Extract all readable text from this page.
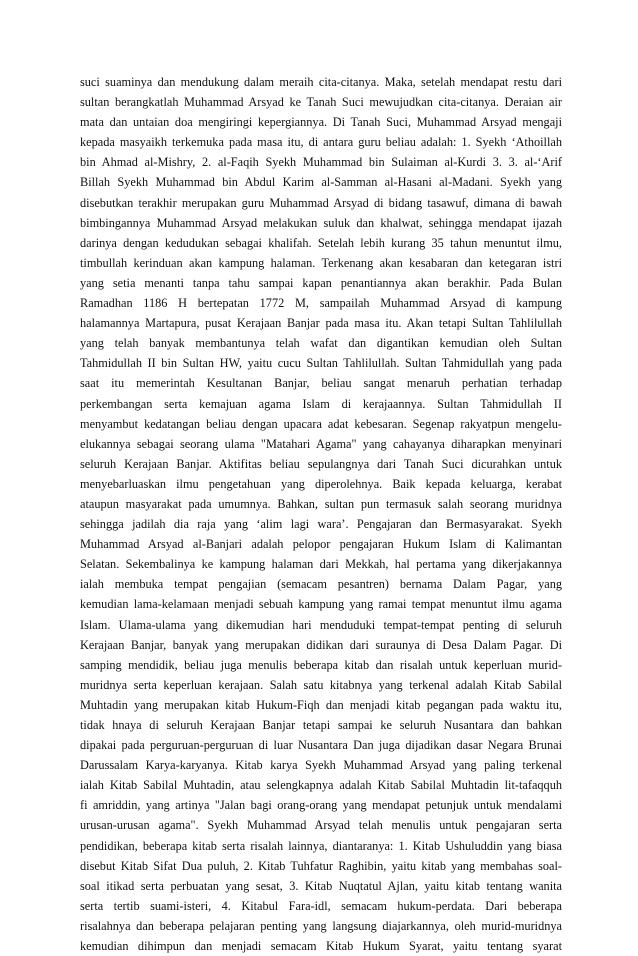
suci suaminya dan mendukung dalam meraih cita-citanya. Maka, setelah mendapat restu dari
sultan berangkatlah Muhammad Arsyad ke Tanah Suci mewujudkan cita-citanya. Deraian air
mata dan untaian doa mengiringi kepergiannya. Di Tanah Suci, Muhammad Arsyad mengaji
kepada masyaikh terkemuka pada masa itu, di antara guru beliau adalah: 1. Syekh ‘Athoillah
bin Ahmad al-Mishry, 2. al-Faqih Syekh Muhammad bin Sulaiman al-Kurdi 3. 3. al-‘Arif
Billah Syekh Muhammad bin Abdul Karim al-Samman al-Hasani al-Madani. Syekh yang
disebutkan terakhir merupakan guru Muhammad Arsyad di bidang tasawuf, dimana di bawah
bimbingannya Muhammad Arsyad melakukan suluk dan khalwat, sehingga mendapat ijazah
darinya dengan kedudukan sebagai khalifah. Setelah lebih kurang 35 tahun menuntut ilmu,
timbullah kerinduan akan kampung halaman. Terkenang akan kesabaran dan ketegaran istri
yang setia menanti tanpa tahu sampai kapan penantiannya akan berakhir. Pada Bulan
Ramadhan 1186 H bertepatan 1772 M, sampailah Muhammad Arsyad di kampung
halamannya Martapura, pusat Kerajaan Banjar pada masa itu. Akan tetapi Sultan Tahlilullah
yang telah banyak membantunya telah wafat dan digantikan kemudian oleh Sultan
Tahmidullah II bin Sultan HW, yaitu cucu Sultan Tahlilullah. Sultan Tahmidullah yang pada
saat itu memerintah Kesultanan Banjar, beliau sangat menaruh perhatian terhadap
perkembangan serta kemajuan agama Islam di kerajaannya. Sultan Tahmidullah II
menyambut kedatangan beliau dengan upacara adat kebesaran. Segenap rakyatpun mengelu-
elukannya sebagai seorang ulama "Matahari Agama" yang cahayanya diharapkan menyinari
seluruh Kerajaan Banjar. Aktifitas beliau sepulangnya dari Tanah Suci dicurahkan untuk
menyebarluaskan ilmu pengetahuan yang diperolehnya. Baik kepada keluarga, kerabat
ataupun masyarakat pada umumnya. Bahkan, sultan pun termasuk salah seorang muridnya
sehingga jadilah dia raja yang ‘alim lagi wara’. Pengajaran dan Bermasyarakat. Syekh
Muhammad Arsyad al-Banjari adalah pelopor pengajaran Hukum Islam di Kalimantan
Selatan. Sekembalinya ke kampung halaman dari Mekkah, hal pertama yang dikerjakannya
ialah membuka tempat pengajian (semacam pesantren) bernama Dalam Pagar, yang
kemudian lama-kelamaan menjadi sebuah kampung yang ramai tempat menuntut ilmu agama
Islam. Ulama-ulama yang dikemudian hari menduduki tempat-tempat penting di seluruh
Kerajaan Banjar, banyak yang merupakan didikan dari suraunya di Desa Dalam Pagar. Di
samping mendidik, beliau juga menulis beberapa kitab dan risalah untuk keperluan murid-
muridnya serta keperluan kerajaan. Salah satu kitabnya yang terkenal adalah Kitab Sabilal
Muhtadin yang merupakan kitab Hukum-Fiqh dan menjadi kitab pegangan pada waktu itu,
tidak hnaya di seluruh Kerajaan Banjar tetapi sampai ke seluruh Nusantara dan bahkan
dipakai pada perguruan-perguruan di luar Nusantara Dan juga dijadikan dasar Negara Brunai
Darussalam Karya-karyanya. Kitab karya Syekh Muhammad Arsyad yang paling terkenal
ialah Kitab Sabilal Muhtadin, atau selengkapnya adalah Kitab Sabilal Muhtadin lit-tafaqquh
fi amriddin, yang artinya "Jalan bagi orang-orang yang mendapat petunjuk untuk mendalami
urusan-urusan agama". Syekh Muhammad Arsyad telah menulis untuk pengajaran serta
pendidikan, beberapa kitab serta risalah lainnya, diantaranya: 1. Kitab Ushuluddin yang biasa
disebut Kitab Sifat Dua puluh, 2. Kitab Tuhfatur Raghibin, yaitu kitab yang membahas soal-
soal itikad serta perbuatan yang sesat, 3. Kitab Nuqtatul Ajlan, yaitu kitab tentang wanita
serta tertib suami-isteri, 4. Kitabul Fara-idl, semacam hukum-perdata. Dari beberapa
risalahnya dan beberapa pelajaran penting yang langsung diajarkannya, oleh murid-muridnya
kemudian dihimpun dan menjadi semacam Kitab Hukum Syarat, yaitu tentang syarat
